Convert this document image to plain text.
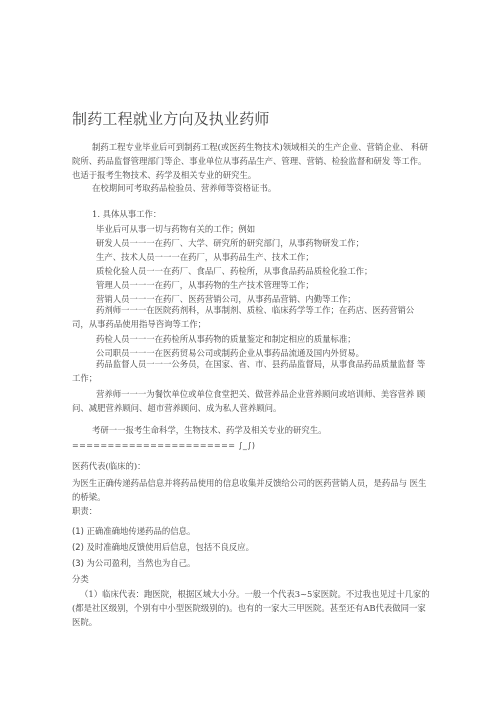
制药工程就业方向及执业药师

制药工程专业毕业后可到制药工程(或医药生物技术)领域相关的生产企业、营销企业、 科研院所、药品监督管理部门等企、事业单位从事药品生产、管理、营销、检验监督和研发 等工作。也适于报考生物技术、药学及相关专业的研究生。

在校期间可考取药品检验员、营养师等资格证书。
1. 具体从事工作：
毕业后可从事一切与药物有关的工作；例如
研发人员一一一在药厂、大学、研究所的研究部门，从事药物研发工作；
生产、技术人员一一一在药厂，从事药品生产、技术工作；
质检化验人员一一在药厂、食品厂、药检所，从事食品药品质检化验工作；
管理人员一一一在药厂，从事药物的生产技术管理等工作；
营销人员一一一在药厂、医药营销公司，从事药品营销、内勤等工作；

药剂师一一一在医院药剂科，从事制剂、质检、临床药学等工作；在药店、医药营销公 司，从事药品使用指导咨询等工作；

药检人员一一一在药检所从事药物的质量鉴定和制定相应的质量标准；
公司职员一一一在医药贸易公司或制药企业从事药品流通及国内外贸易。

药品监督人员一一一公务员，在国家、省、市、县药品监督局，从事食品药品质量监督 等工作；

营养师一一一为餐饮单位或单位食堂把关、做营养品企业营养顾问或培训师、美容营养 顾问、减肥营养顾问、超市营养顾问、成为私人营养顾问。

考研一一报考生命科学，生物技术、药学及相关专业的研究生。
======================= ∫_∫)
医药代表(临床的)：

为医生正确传递药品信息并将药品使用的信息收集并反馈给公司的医药营销人员，是药品与 医生的桥梁。

职责：
(1) 正确准确地传递药品的信息。
(2) 及时准确地反馈使用后信息，包括不良反应。
(3) 为公司盈利，当然也为自己。
分类

（1）临床代表：跑医院，根据区域大小分。一般一个代表3~5家医院。不过我也见过十几家的(都是社区级别，个别有中小型医院级别的)。也有的一家大三甲医院。甚至还有AB代表做同一家医院。
